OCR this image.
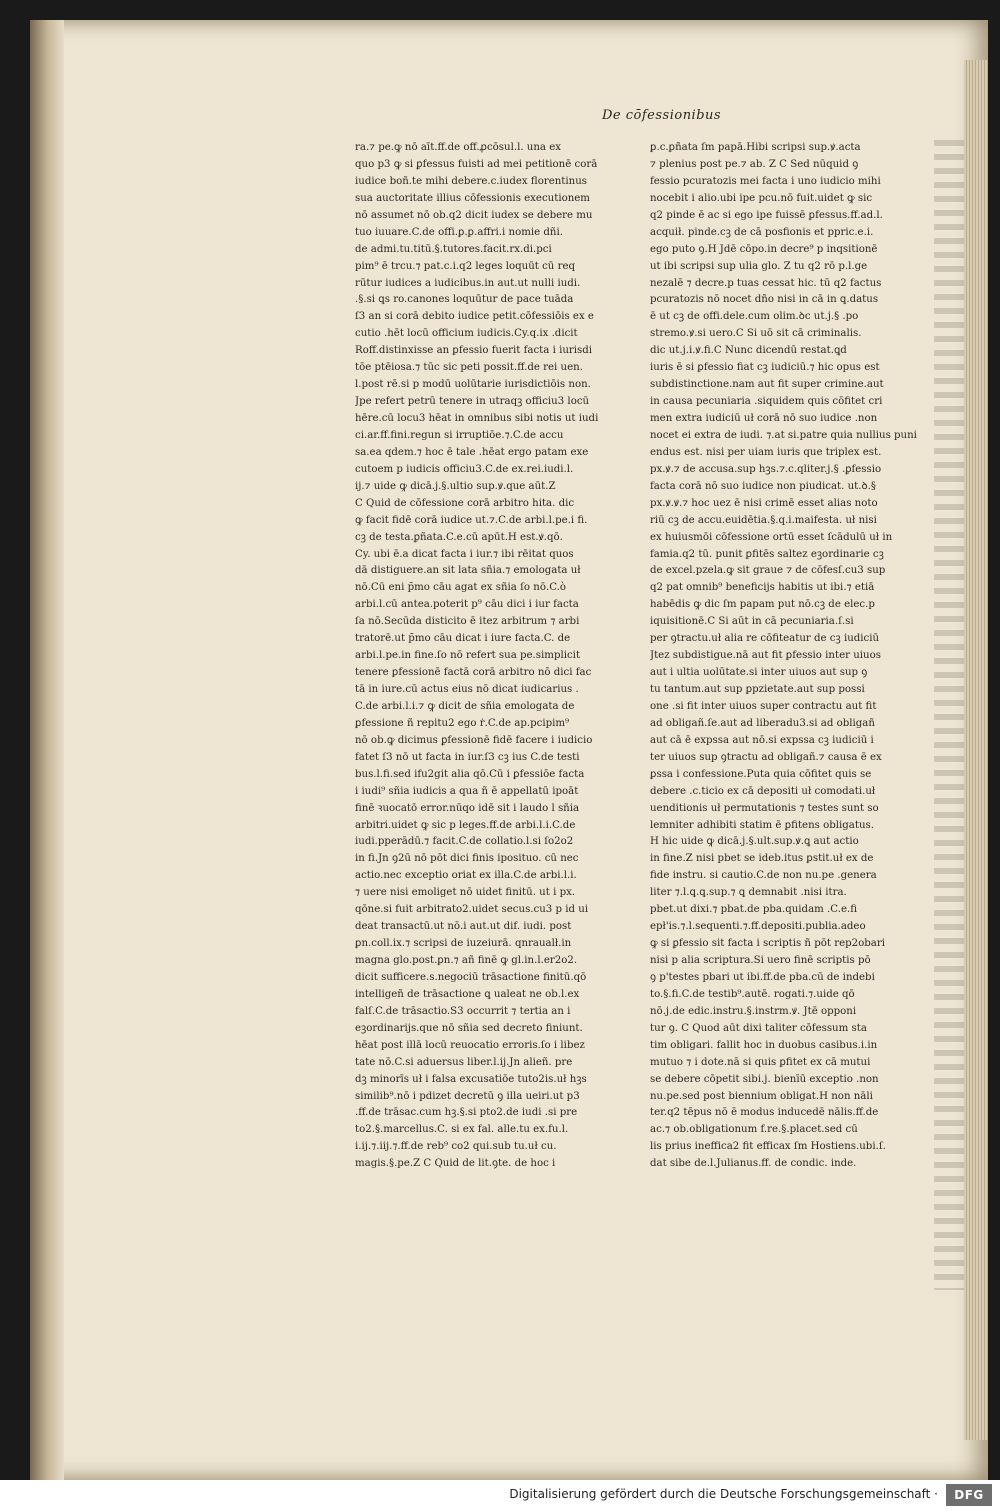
De cōfessionibus
ra.⁊ pe.ꝙ nō aīt.ff.de off.ꝓcōsul.l. una ex
quo p3 ꝙ si ꝑfessus fuisti ad mei petitionē corā
iudice boñ.te mihi debere.c.iudex florentinus
sua auctoritate illius cōfessionis executionem
nō assumet nō ob.q2 dicit iudex se debere mu
tuo iuuare.C.de offi.ꝑ.ꝑ.affri.i nomie dñi.
de admi.tu.titū.§.tutores.facit.rx.di.pci
pim⁹ ē trcu.⁊ pat.c.i.q2 leges loquūt cū req
rūtur iudices a iudicibus.in aut.ut nulli iudi.
.§.si ꝗs ro.canones loquūtur de pace tuāda
ſ3 an si corā debito iudice petit.cōfessiōis ex e
cutio .hēt locū officium iudicis.Cy.q.ix .dicit
Roff.distinxisse an ꝑfessio fuerit facta i iurisdi
tōe ptēiosa.⁊ tūc sic peti possit.ff.de rei uen.
l.post rē.si p modū uolūtarie iurisdictiōis non.
Jpe refert petrū tenere in utraqꝫ officiu3 locū
hēre.cū locu3 hēat in omnibus sibi notis ut iudi
ci.ar.ff.fini.regun si irruptiōe.⁊.C.de accu
sa.ea qdem.⁊ hoc ē tale .hēat ergo patam exe
cutoem p iudicis officiu3.C.de ex.rei.iudi.l.
ij.⁊ uide ꝙ dicā.j.§.ultio sup.ꝟ.que aūt.Z
C Quid de cōfessione corā arbitro hita. dic
ꝙ facit fidē corā iudice ut.⁊.C.de arbi.l.pe.i fi.
cꝫ de testa.ꝑñata.C.e.cū apūt.H est.ꝟ.qō.
Cy. ubi ē.a dicat facta i iur.⁊ ibi rēitat quos
dā distiguere.an sit lata sñia.⁊ emologata uł
nō.Cū eni p̄mo cāu agat ex sñia ſo nō.C.ò
arbi.l.cū antea.poterit p⁹ cāu dici i iur facta
ſa nō.Secūda disticito ē itez arbitrum ⁊ arbi
tratorē.ut p̄mo cāu dicat i iure facta.C. de
arbi.l.pe.in fine.ſo nō refert sua pe.simplicit
tenere ꝑfessionē factā corā arbitro nō dici fac
tā in iure.cū actus eius nō dicat iudicarius .
C.de arbi.l.i.⁊ ꝙ dicit de sñia emologata de
ꝑfessione ñ repitu2 ego ṙ.C.de ap.pcipim⁹
nō ob.ꝙ dicimus ꝑfessionē fidē facere i iudicio
fatet ſ3 nō ut facta in iur.ſ3 cꝫ ius C.de testi
bus.l.fi.sed ifu2git alia qō.Cū i ꝑfessiōe facta
i iudi⁹ sñia iudicis a qua ñ ē appellatū ipoāt
finē ꝛuocatō error.nūqo idē sit i laudo l sñia
arbitri.uidet ꝙ sic p leges.ff.de arbi.l.i.C.de
iudi.pperādū.⁊ facit.C.de collatio.l.si ſo2o2
in fi.Jn ꝯ2ū nō pōt dici finis iposituo. cū nec
actio.nec exceptio oriat ex illa.C.de arbi.l.i.
⁊ uere nisi emoliget nō uidet finitū. ut i px.
qōne.si fuit arbitrato2.uidet secus.cu3 p id ui
deat transactū.ut nō.i aut.ut dif. iudi. post
ꝑn.coll.ix.⁊ scripsi de iuzeiurā. qnraualł.in
magna glo.post.ꝑn.⁊ añ finē ꝙ gl.in.l.er2o2.
dicit sufficere.s.negociū trāsactione finitū.qō
intelligeñ de trāsactione ꝗ ualeat ne ob.l.ex
falſ.C.de trāsactio.S3 occurrit ⁊ tertia an i
eꝫordinarijs.que nō sñia sed decreto finiunt.
hēat post illā locū reuocatio erroris.ſo i libez
tate nō.C.si aduersus liber.l.ij.Jn alieñ. pre
dꝫ minorīs uł i falsa excusatiōe tuto2is.uł hꝫs
similib⁹.nō i pdizet decretū ꝯ illa ueiri.ut p3
.ff.de trāsac.cum hꝫ.§.si pto2.de iudi .si pre
to2.§.marcellus.C. si ex fal. alle.tu ex.fu.l.
i.ij.⁊.iij.⁊.ff.de reb⁹ co2 qui.sub tu.uł cu.
magis.§.pe.Z C Quid de lit.ꝯte. de hoc i
ꝑ.c.ꝑñata ſm papā.Hibi scripsi sup.ꝟ.acta
⁊ plenius post pe.⁊ ab. Z C Sed nūquid ꝯ
fessio pcuratozis mei facta i uno iudicio mihi
nocebit i alio.ubi ipe pcu.nō fuit.uidet ꝙ sic
q2 pinde ē ac si ego ipe fuissē ꝑfessus.ff.ad.l.
acquił. pinde.cꝫ de cā posfionis et ppric.e.i.
ego puto ꝯ.H Jdē cōpo.in decre⁹ p inqsitionē
ut ibi scripsi sup ulia glo. Z tu q2 rō p.l.ge
nezalē ⁊ decre.p tuas cessat hic. tū q2 factus
pcuratozis nō nocet dño nisi in cā in ꝗ.datus
ē ut cꝫ de offi.dele.cum olim.ꝺc ut.j.§ .po
stremo.ꝟ.si uero.C Si uō sit cā criminalis.
dic ut.j.i.ꝟ.fi.C Nunc dicendū restat.ꝗd
iuris ē si ꝑfessio fiat cꝫ iudiciū.⁊ hic opus est
subdistinctione.nam aut fit super crimine.aut
in causa pecuniaria .siquidem quis cōfitet cri
men extra iudiciū uł corā nō suo iudice .non
nocet ei extra de iudi. ⁊.at si.patre quia nullius puni
endus est. nisi per uiam iuris que triplex est.
px.ꝟ.⁊ de accusa.sup hꝫs.⁊.c.qliter.j.§ .ꝑfessio
facta corā nō suo iudice non piudicat. ut.ꝺ.§
px.ꝟ.ꝟ.⁊ hoc uez ē nisi crimē esset alias noto
riū cꝫ de accu.euidētia.§.q.i.maifesta. uł nisi
ex huiusmōi cōfessione ortū esset ſcādulū uł in
famia.q2 tū. punit ꝑfitēs saltez eꝫordinarie cꝫ
de excel.pzela.ꝙ sit graue ⁊ de cōfesſ.cu3 sup
q2 pat omnib⁹ beneficijs habitis ut ibi.⁊ etiā
habēdis ꝙ dic ſm papam put nō.cꝫ de elec.p
iquisitionē.C Si aūt in cā pecuniaria.ſ.si
per ꝯtractu.uł alia re cōfiteatur de cꝫ iudiciū
Jtez subdistigue.nā aut fit ꝑfessio inter uiuos
aut i ultia uolūtate.si inter uiuos aut sup ꝯ
tu tantum.aut sup ꝑpzietate.aut sup possi
one .si fit inter uiuos super contractu aut fit
ad obligañ.ſe.aut ad liberadu3.si ad obligañ
aut cā ē expssa aut nō.si expssa cꝫ iudiciū i
ter uiuos sup ꝯtractu ad obligañ.⁊ causa ē ex
ꝑssa i confessione.Puta quia cōfitet quis se
debere .c.ticio ex cā depositi uł comodati.uł
uenditionis uł permutationis ⁊ testes sunt so
lemniter adhibiti statim ē ꝑfitens obligatus.
H hic uide ꝙ dicā.j.§.ult.sup.ꝟ.ꝗ aut actio
in fine.Z nisi pbet se ideb.itus ꝑstit.uł ex de
fide instru. si cautio.C.de non nu.pe .genera
liter ⁊.l.ꝗ.ꝗ.sup.⁊ ꝗ demnabit .nisi itra.
pbet.ut dixi.⁊ pbat.de pba.quidam .C.e.fi
epł'is.⁊.l.sequenti.⁊.ff.depositi.publia.adeo
ꝙ si ꝑfessio sit facta i scriptis ñ pōt rep2obari
nisi p alia scriptura.Si uero finē scriptis pō
ꝯ p'testes pbari ut ibi.ff.de pba.cū de indebi
to.§.fi.C.de testib⁹.autē. rogati.⁊.uide qō
nō.j.de edic.instru.§.instrm.ꝟ. Jtē opponi
tur ꝯ. C Quod aūt dixi taliter cōfessum sta
tim obligari. fallit hoc in duobus casibus.i.in
mutuo ⁊ i dote.nā si quis ꝑfitet ex cā mutui
se debere cōpetit sibi.j. bienīū exceptio .non
nu.pe.sed post biennium obligat.H non nāli
ter.q2 tēpus nō ē modus inducedē nālis.ff.de
ac.⁊ ob.obligationum f.re.§.placet.sed cū
lis prius ineffica2 fit efficax ſm Hostiens.ubi.ſ.
dat sibe de.l.Julianus.ff. de condic. inde.
Digitalisierung gefördert durch die Deutsche Forschungsgemeinschaft ·	DFG
